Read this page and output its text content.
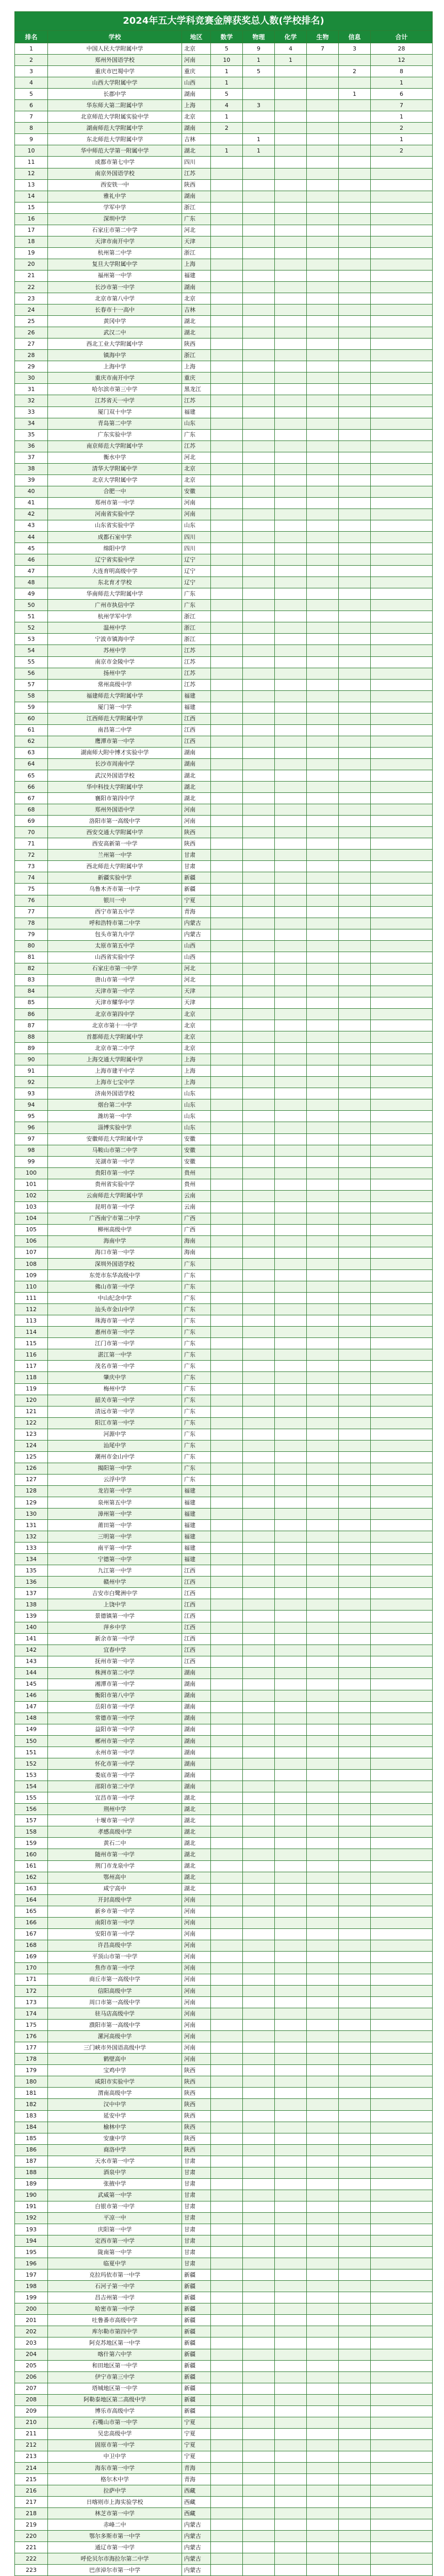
2024年五大学科竞赛金牌获奖总人数(学校排名)								
排名	学校	地区	数学	物理	化学	生物	信息	合计
1	中国人民大学附属中学	北京	5	9	4	7	3	28
2	郑州外国语学校	河南	10	1	1			12
3	重庆市巴蜀中学	重庆	1	5			2	8
4	山西大学附属中学	山西	1					1
5	长郡中学	湖南	5				1	6
6	华东师大第二附属中学	上海	4	3				7
7	北京师范大学附属实验中学	北京	1					1
8	湖南师范大学附属中学	湖南	2					2
9	东北师范大学附属中学	吉林		1				1
10	华中师范大学第一附属中学	湖北	1	1				2
11	成都市第七中学	四川						
12	南京外国语学校	江苏						
13	西安铁一中	陕西						
14	雅礼中学	湖南						
15	学军中学	浙江						
16	深圳中学	广东						
17	石家庄市第二中学	河北						
18	天津市南开中学	天津						
19	杭州第二中学	浙江						
20	复旦大学附属中学	上海						
21	福州第一中学	福建						
22	长沙市第一中学	湖南						
23	北京市第八中学	北京						
24	长春市十一高中	吉林						
25	黄冈中学	湖北						
26	武汉二中	湖北						
27	西北工业大学附属中学	陕西						
28	镇海中学	浙江						
29	上海中学	上海						
30	重庆市南开中学	重庆						
31	哈尔滨市第三中学	黑龙江						
32	江苏省天一中学	江苏						
33	厦门双十中学	福建						
34	青岛第二中学	山东						
35	广东实验中学	广东						
36	南京师范大学附属中学	江苏						
37	衡水中学	河北						
38	清华大学附属中学	北京						
39	北京大学附属中学	北京						
40	合肥一中	安徽						
41	郑州市第一中学	河南						
42	河南省实验中学	河南						
43	山东省实验中学	山东						
44	成都石室中学	四川						
45	绵阳中学	四川						
46	辽宁省实验中学	辽宁						
47	大连育明高级中学	辽宁						
48	东北育才学校	辽宁						
49	华南师范大学附属中学	广东						
50	广州市执信中学	广东						
51	杭州学军中学	浙江						
52	温州中学	浙江						
53	宁波市镇海中学	浙江						
54	苏州中学	江苏						
55	南京市金陵中学	江苏						
56	扬州中学	江苏						
57	常州高级中学	江苏						
58	福建师范大学附属中学	福建						
59	厦门第一中学	福建						
60	江西师范大学附属中学	江西						
61	南昌第二中学	江西						
62	鹰潭市第一中学	江西						
63	湖南师大附中博才实验中学	湖南						
64	长沙市周南中学	湖南						
65	武汉外国语学校	湖北						
66	华中科技大学附属中学	湖北						
67	襄阳市第四中学	湖北						
68	郑州外国语中学	河南						
69	洛阳市第一高级中学	河南						
70	西安交通大学附属中学	陕西						
71	西安高新第一中学	陕西						
72	兰州第一中学	甘肃						
73	西北师范大学附属中学	甘肃						
74	新疆实验中学	新疆						
75	乌鲁木齐市第一中学	新疆						
76	银川一中	宁夏						
77	西宁市第五中学	青海						
78	呼和浩特市第二中学	内蒙古						
79	包头市第九中学	内蒙古						
80	太原市第五中学	山西						
81	山西省实验中学	山西						
82	石家庄市第一中学	河北						
83	唐山市第一中学	河北						
84	天津市第一中学	天津						
85	天津市耀华中学	天津						
86	北京市第四中学	北京						
87	北京市第十一中学	北京						
88	首都师范大学附属中学	北京						
89	北京市第二中学	北京						
90	上海交通大学附属中学	上海						
91	上海市建平中学	上海						
92	上海市七宝中学	上海						
93	济南外国语学校	山东						
94	烟台第二中学	山东						
95	潍坊第一中学	山东						
96	淄博实验中学	山东						
97	安徽师范大学附属中学	安徽						
98	马鞍山市第二中学	安徽						
99	芜湖市第一中学	安徽						
100	贵阳市第一中学	贵州						
101	贵州省实验中学	贵州						
102	云南师范大学附属中学	云南						
103	昆明市第一中学	云南						
104	广西南宁市第二中学	广西						
105	柳州高级中学	广西						
106	海南中学	海南						
107	海口市第一中学	海南						
108	深圳外国语学校	广东						
109	东莞市东华高级中学	广东						
110	佛山市第一中学	广东						
111	中山纪念中学	广东						
112	汕头市金山中学	广东						
113	珠海市第一中学	广东						
114	惠州市第一中学	广东						
115	江门市第一中学	广东						
116	湛江第一中学	广东						
117	茂名市第一中学	广东						
118	肇庆中学	广东						
119	梅州中学	广东						
120	韶关市第一中学	广东						
121	清远市第一中学	广东						
122	阳江市第一中学	广东						
123	河源中学	广东						
124	汕尾中学	广东						
125	潮州市金山中学	广东						
126	揭阳第一中学	广东						
127	云浮中学	广东						
128	龙岩第一中学	福建						
129	泉州第五中学	福建						
130	漳州第一中学	福建						
131	莆田第一中学	福建						
132	三明第一中学	福建						
133	南平第一中学	福建						
134	宁德第一中学	福建						
135	九江第一中学	江西						
136	赣州中学	江西						
137	吉安市白鹭洲中学	江西						
138	上饶中学	江西						
139	景德镇第一中学	江西						
140	萍乡中学	江西						
141	新余市第一中学	江西						
142	宜春中学	江西						
143	抚州市第一中学	江西						
144	株洲市第二中学	湖南						
145	湘潭市第一中学	湖南						
146	衡阳市第八中学	湖南						
147	岳阳市第一中学	湖南						
148	常德市第一中学	湖南						
149	益阳市第一中学	湖南						
150	郴州市第一中学	湖南						
151	永州市第一中学	湖南						
152	怀化市第一中学	湖南						
153	娄底市第一中学	湖南						
154	邵阳市第二中学	湖南						
155	宜昌市第一中学	湖北						
156	荆州中学	湖北						
157	十堰市第一中学	湖北						
158	孝感高级中学	湖北						
159	黄石二中	湖北						
160	随州市第一中学	湖北						
161	荆门市龙泉中学	湖北						
162	鄂州高中	湖北						
163	咸宁高中	湖北						
164	开封高级中学	河南						
165	新乡市第一中学	河南						
166	南阳市第一中学	河南						
167	安阳市第一中学	河南						
168	许昌高级中学	河南						
169	平顶山市第一中学	河南						
170	焦作市第一中学	河南						
171	商丘市第一高级中学	河南						
172	信阳高级中学	河南						
173	周口市第一高级中学	河南						
174	驻马店高级中学	河南						
175	濮阳市第一高级中学	河南						
176	漯河高级中学	河南						
177	三门峡市外国语高级中学	河南						
178	鹤壁高中	河南						
179	宝鸡中学	陕西						
180	咸阳市实验中学	陕西						
181	渭南高级中学	陕西						
182	汉中中学	陕西						
183	延安中学	陕西						
184	榆林中学	陕西						
185	安康中学	陕西						
186	商洛中学	陕西						
187	天水市第一中学	甘肃						
188	酒泉中学	甘肃						
189	张掖中学	甘肃						
190	武威第一中学	甘肃						
191	白银市第一中学	甘肃						
192	平凉一中	甘肃						
193	庆阳第一中学	甘肃						
194	定西市第一中学	甘肃						
195	陇南第一中学	甘肃						
196	临夏中学	甘肃						
197	克拉玛依市第一中学	新疆						
198	石河子第一中学	新疆						
199	昌吉州第一中学	新疆						
200	哈密市第一中学	新疆						
201	吐鲁番市高级中学	新疆						
202	库尔勒市第四中学	新疆						
203	阿克苏地区第一中学	新疆						
204	喀什第六中学	新疆						
205	和田地区第一中学	新疆						
206	伊宁市第三中学	新疆						
207	塔城地区第一中学	新疆						
208	阿勒泰地区第二高级中学	新疆						
209	博乐市高级中学	新疆						
210	石嘴山市第一中学	宁夏						
211	吴忠高级中学	宁夏						
212	固原市第一中学	宁夏						
213	中卫中学	宁夏						
214	海东市第一中学	青海						
215	格尔木中学	青海						
216	拉萨中学	西藏						
217	日喀则市上海实验学校	西藏						
218	林芝市第一中学	西藏						
219	赤峰二中	内蒙古						
220	鄂尔多斯市第一中学	内蒙古						
221	通辽市第一中学	内蒙古						
222	呼伦贝尔市海拉尔第二中学	内蒙古						
223	巴彦淖尔市第一中学	内蒙古						
